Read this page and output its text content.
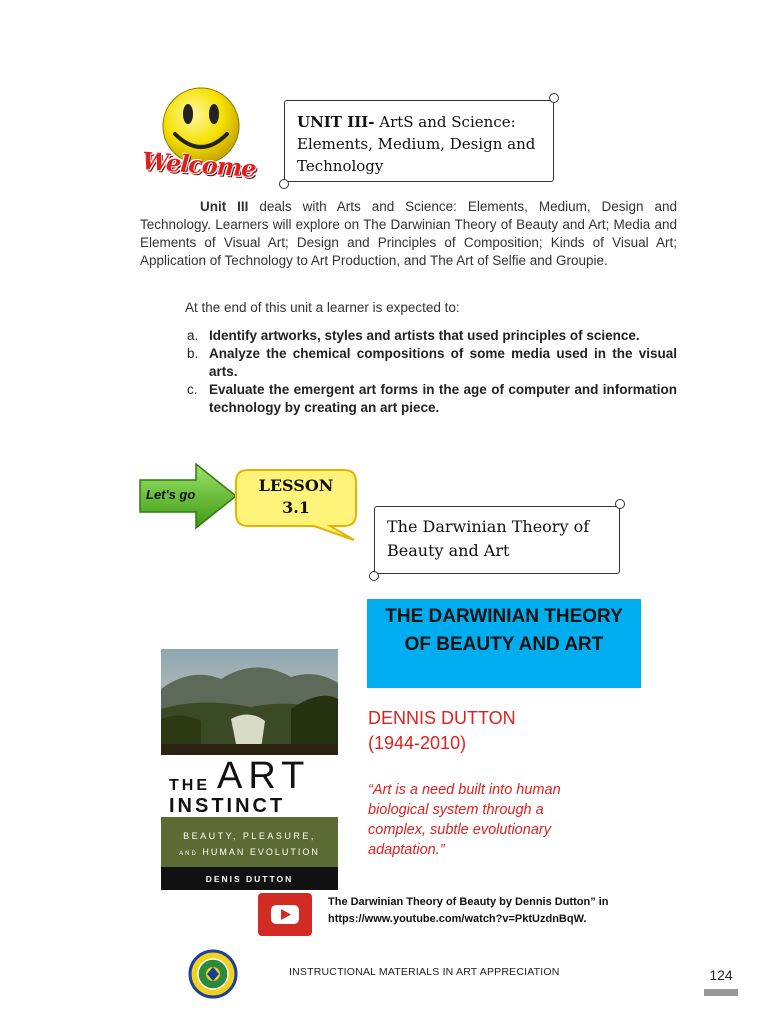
Welcome
UNIT III- ArtS and Science: Elements, Medium, Design and Technology
Unit III deals with Arts and Science: Elements, Medium, Design and Technology. Learners will explore on The Darwinian Theory of Beauty and Art; Media and Elements of Visual Art; Design and Principles of Composition; Kinds of Visual Art; Application of Technology to Art Production, and The Art of Selfie and Groupie.
At the end of this unit a learner is expected to:
a. Identify artworks, styles and artists that used principles of science.
b. Analyze the chemical compositions of some media used in the visual arts.
c. Evaluate the emergent art forms in the age of computer and information technology by creating an art piece.
Let's go	LESSON
3.1
The Darwinian Theory of Beauty and Art
THE ART
INSTINCT
BEAUTY, PLEASURE,
AND HUMAN EVOLUTION
DENIS DUTTON
THE DARWINIAN THEORY OF BEAUTY AND ART
DENNIS DUTTON
(1944-2010)
“Art is a need built into human biological system through a complex, subtle evolutionary adaptation.”
The Darwinian Theory of Beauty by Dennis Dutton” in
https://www.youtube.com/watch?v=PktUzdnBqW.
INSTRUCTIONAL MATERIALS IN ART APPRECIATION	124
